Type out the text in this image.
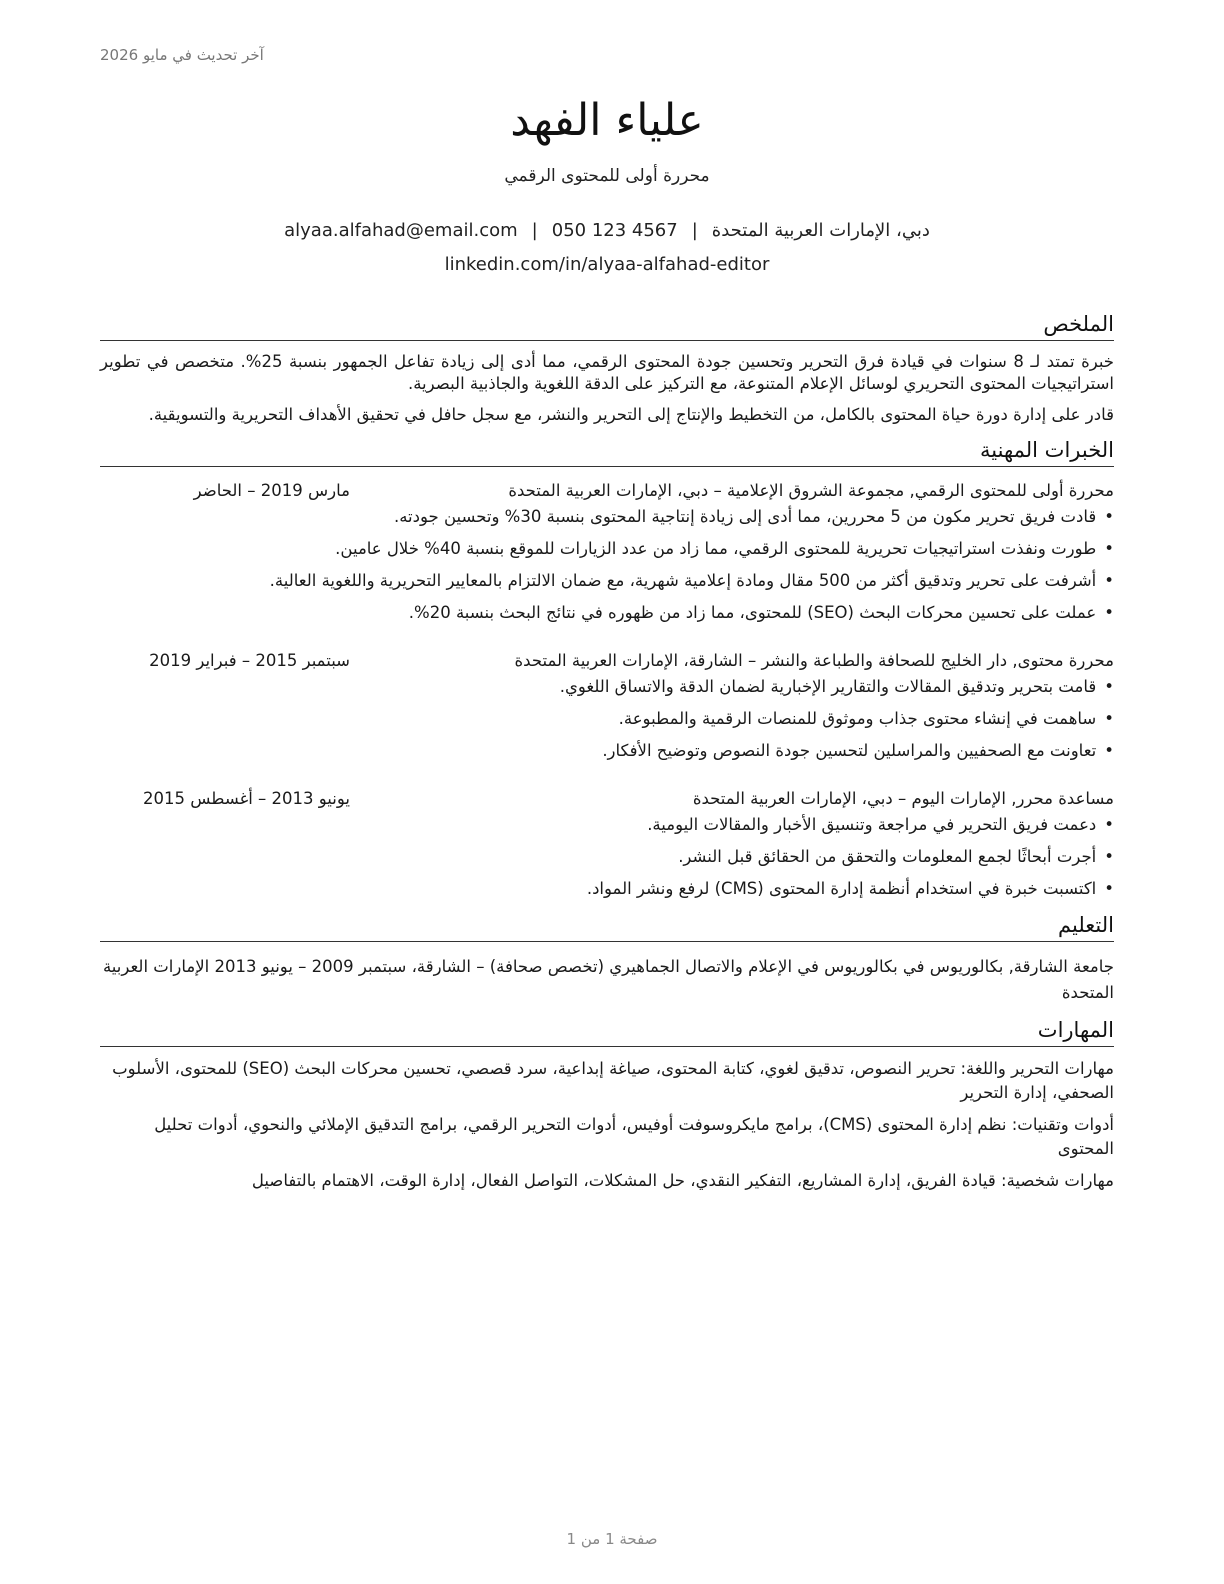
آخر تحديث في مايو 2026
علياء الفهد
محررة أولى للمحتوى الرقمي
دبي، الإمارات العربية المتحدة|alyaa.alfahad@email.com | 050 123 4567
linkedin.com/in/alyaa-alfahad-editor
الملخص

خبرة تمتد لـ 8 سنوات في قيادة فرق التحرير وتحسين جودة المحتوى الرقمي، مما أدى إلى زيادة تفاعل الجمهور بنسبة 25%. متخصص في تطوير استراتيجيات المحتوى التحريري لوسائل الإعلام المتنوعة، مع التركيز على الدقة اللغوية والجاذبية البصرية.

قادر على إدارة دورة حياة المحتوى بالكامل، من التخطيط والإنتاج إلى التحرير والنشر، مع سجل حافل في تحقيق الأهداف التحريرية والتسويقية.

الخبرات المهنية
محررة أولى للمحتوى الرقمي, مجموعة الشروق الإعلامية – دبي، الإمارات العربية المتحدة
مارس 2019 – الحاضر
• قادت فريق تحرير مكون من 5 محررين، مما أدى إلى زيادة إنتاجية المحتوى بنسبة 30% وتحسين جودته.
• طورت ونفذت استراتيجيات تحريرية للمحتوى الرقمي، مما زاد من عدد الزيارات للموقع بنسبة 40% خلال عامين.
• أشرفت على تحرير وتدقيق أكثر من 500 مقال ومادة إعلامية شهرية، مع ضمان الالتزام بالمعايير التحريرية واللغوية العالية.
• عملت على تحسين محركات البحث (SEO) للمحتوى، مما زاد من ظهوره في نتائج البحث بنسبة 20%.
محررة محتوى, دار الخليج للصحافة والطباعة والنشر – الشارقة، الإمارات العربية المتحدة
سبتمبر 2015 – فبراير 2019
• قامت بتحرير وتدقيق المقالات والتقارير الإخبارية لضمان الدقة والاتساق اللغوي.
• ساهمت في إنشاء محتوى جذاب وموثوق للمنصات الرقمية والمطبوعة.
• تعاونت مع الصحفيين والمراسلين لتحسين جودة النصوص وتوضيح الأفكار.
مساعدة محرر, الإمارات اليوم – دبي، الإمارات العربية المتحدة
يونيو 2013 – أغسطس 2015
• دعمت فريق التحرير في مراجعة وتنسيق الأخبار والمقالات اليومية.
• أجرت أبحاثًا لجمع المعلومات والتحقق من الحقائق قبل النشر.
• اكتسبت خبرة في استخدام أنظمة إدارة المحتوى (CMS) لرفع ونشر المواد.
التعليم
جامعة الشارقة, بكالوريوس في بكالوريوس في الإعلام والاتصال الجماهيري (تخصص صحافة) – الشارقة، سبتمبر 2009 – يونيو 2013 الإمارات العربية المتحدة
المهارات
مهارات التحرير واللغة: تحرير النصوص، تدقيق لغوي، كتابة المحتوى، صياغة إبداعية، سرد قصصي، تحسين محركات البحث (SEO) للمحتوى، الأسلوب الصحفي، إدارة التحرير
أدوات وتقنيات: نظم إدارة المحتوى (CMS)، برامج مايكروسوفت أوفيس، أدوات التحرير الرقمي، برامج التدقيق الإملائي والنحوي، أدوات تحليل المحتوى
مهارات شخصية: قيادة الفريق، إدارة المشاريع، التفكير النقدي، حل المشكلات، التواصل الفعال، إدارة الوقت، الاهتمام بالتفاصيل
صفحة 1 من 1
